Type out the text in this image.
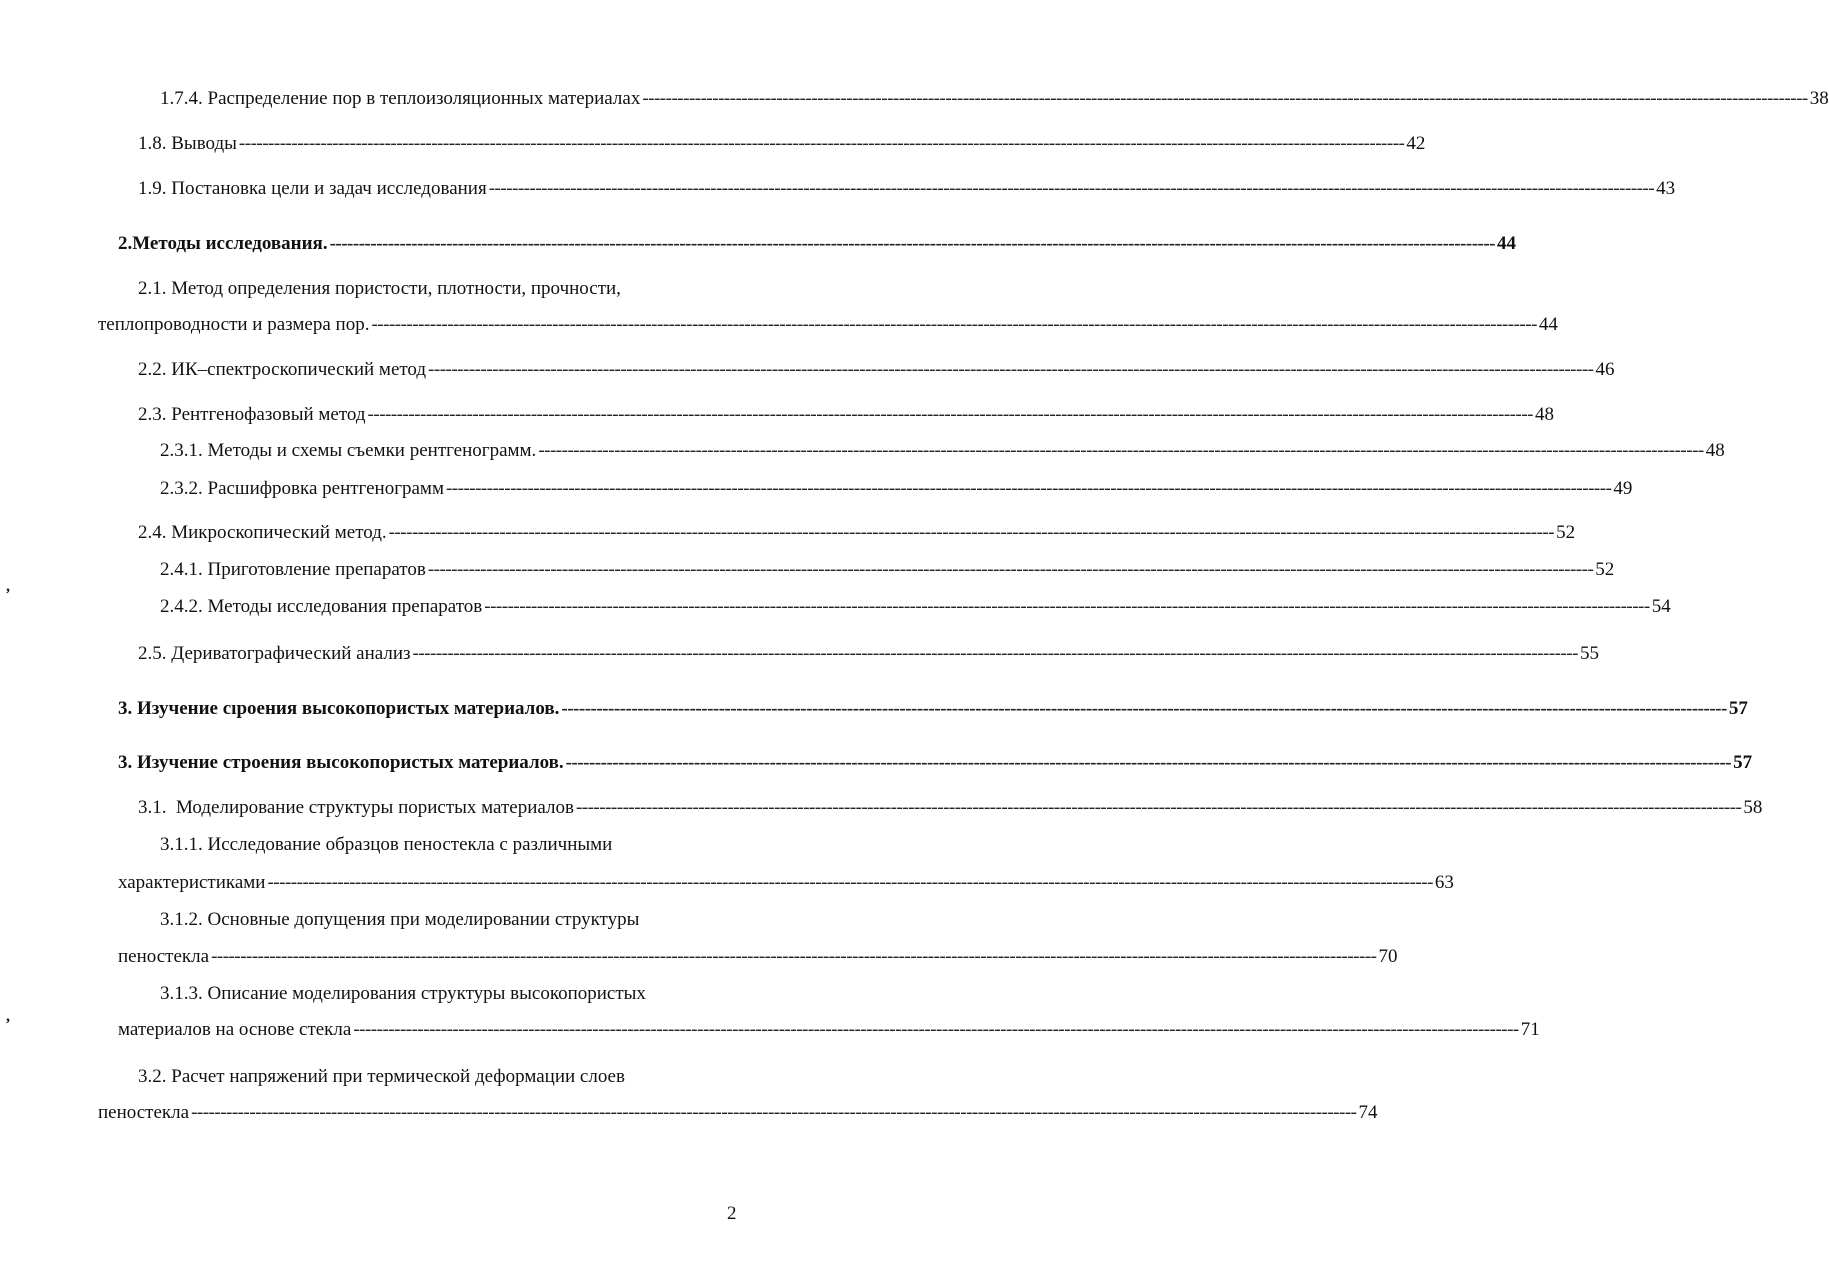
1.7.4. Распределение пор в теплоизоляционных материалах -------------------------------------------------------------------------------------------------------------------------------------------------------------------------------------------------------- 38
1.8. Выводы -------------------------------------------------------------------------------------------------------------------------------------------------------------------------------------------------------- 42
1.9. Постановка цели и задач исследования -------------------------------------------------------------------------------------------------------------------------------------------------------------------------------------------------------- 43
2.Методы исследования. -------------------------------------------------------------------------------------------------------------------------------------------------------------------------------------------------------- 44
2.1. Метод определения пористости, плотности, прочности,
теплопроводности и размера пор. -------------------------------------------------------------------------------------------------------------------------------------------------------------------------------------------------------- 44
2.2. ИК–спектроскопический метод -------------------------------------------------------------------------------------------------------------------------------------------------------------------------------------------------------- 46
2.3. Рентгенофазовый метод -------------------------------------------------------------------------------------------------------------------------------------------------------------------------------------------------------- 48
2.3.1. Методы и схемы съемки рентгенограмм. -------------------------------------------------------------------------------------------------------------------------------------------------------------------------------------------------------- 48
2.3.2. Расшифровка рентгенограмм -------------------------------------------------------------------------------------------------------------------------------------------------------------------------------------------------------- 49
2.4. Микроскопический метод. -------------------------------------------------------------------------------------------------------------------------------------------------------------------------------------------------------- 52
2.4.1. Приготовление препаратов -------------------------------------------------------------------------------------------------------------------------------------------------------------------------------------------------------- 52
2.4.2. Методы исследования препаратов -------------------------------------------------------------------------------------------------------------------------------------------------------------------------------------------------------- 54
2.5. Дериватографический анализ -------------------------------------------------------------------------------------------------------------------------------------------------------------------------------------------------------- 55
3. Изучение сıроения высокопористых материалов. -------------------------------------------------------------------------------------------------------------------------------------------------------------------------------------------------------- 57
3. Изучение строения высокопористых материалов. -------------------------------------------------------------------------------------------------------------------------------------------------------------------------------------------------------- 57
3.1.  Моделирование структуры пористых материалов -------------------------------------------------------------------------------------------------------------------------------------------------------------------------------------------------------- 58
3.1.1. Исследование образцов пеностекла с различными
характеристиками -------------------------------------------------------------------------------------------------------------------------------------------------------------------------------------------------------- 63
3.1.2. Основные допущения при моделировании структуры
пеностекла -------------------------------------------------------------------------------------------------------------------------------------------------------------------------------------------------------- 70
3.1.3. Описание моделирования структуры высокопористых
материалов на основе стекла -------------------------------------------------------------------------------------------------------------------------------------------------------------------------------------------------------- 71
3.2. Расчет напряжений при термической деформации слоев
пеностекла -------------------------------------------------------------------------------------------------------------------------------------------------------------------------------------------------------- 74
,
,
2
